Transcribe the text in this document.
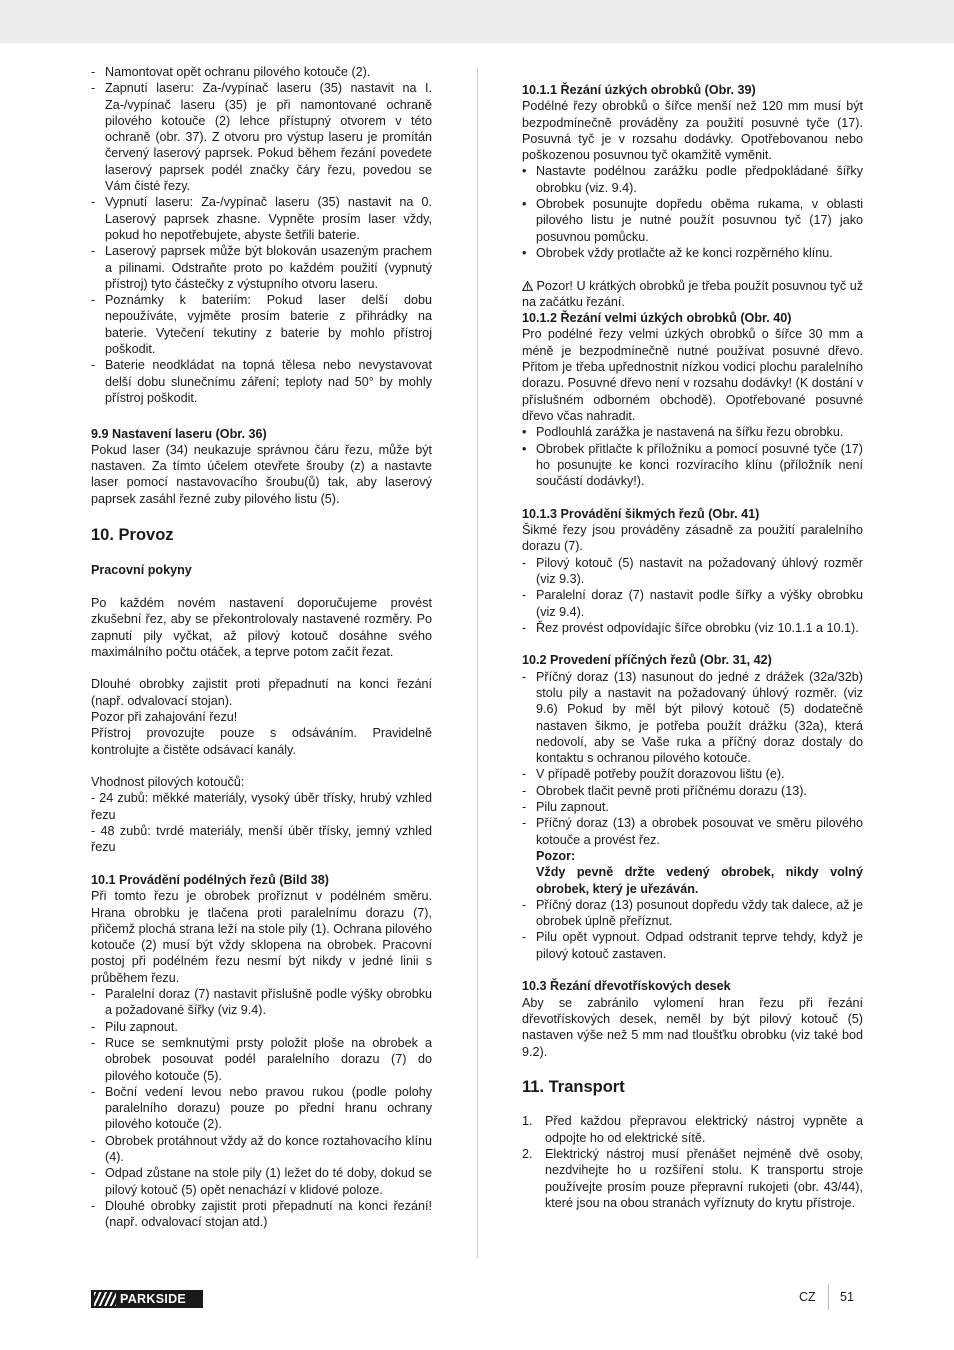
- Namontovat opět ochranu pilového kotouče (2).
- Zapnutí laseru: Za-/vypínač laseru (35) nastavit na I. Za-/vypínač laseru (35) je při namontované ochraně pilového kotouče (2) lehce přístupný otvorem v této ochraně (obr. 37). Z otvoru pro výstup laseru je promítán červený laserový paprsek. Pokud během řezání povedete laserový paprsek podél značky čáry řezu, povedou se Vám čisté řezy.
- Vypnutí laseru: Za-/vypínač laseru (35) nastavit na 0. Laserový paprsek zhasne. Vypněte prosím laser vždy, pokud ho nepotřebujete, abyste šetřili baterie.
- Laserový paprsek může být blokován usazeným prachem a pilinami. Odstraňte proto po každém použití (vypnutý přístroj) tyto částečky z výstupního otvoru laseru.
- Poznámky k bateriím: Pokud laser delší dobu nepoužíváte, vyjměte prosím baterie z přihrádky na baterie. Vytečení tekutiny z baterie by mohlo přístroj poškodit.
- Baterie neodkládat na topná tělesa nebo nevystavovat delší dobu slunečnímu záření; teploty nad 50° by mohly přístroj poškodit.
9.9 Nastavení laseru (Obr. 36)

Pokud laser (34) neukazuje správnou čáru řezu, může být nastaven. Za tímto účelem otevřete šrouby (z) a nastavte laser pomocí nastavovacího šroubu(ů) tak, aby laserový paprsek zasáhl řezné zuby pilového listu (5).

10. Provoz
Pracovní pokyny

Po každém novém nastavení doporučujeme provést zkušební řez, aby se překontrolovaly nastavené rozměry. Po zapnutí pily vyčkat, až pilový kotouč dosáhne svého maximálního počtu otáček, a teprve potom začít řezat.

Dlouhé obrobky zajistit proti přepadnutí na konci řezání (např. odvalovací stojan).

Pozor při zahajování řezu!

Přístroj provozujte pouze s odsáváním. Pravidelně kontrolujte a čistěte odsávací kanály.

Vhodnost pilových kotoučů:

- 24 zubů: měkké materiály, vysoký úběr třísky, hrubý vzhled řezu

- 48 zubů: tvrdé materiály, menší úběr třísky, jemný vzhled řezu

10.1 Provádění podélných řezů (Bild 38)

Při tomto řezu je obrobek proříznut v podélném směru. Hrana obrobku je tlačena proti paralelnímu dorazu (7), přičemž plochá strana leží na stole pily (1). Ochrana pilového kotouče (2) musí být vždy sklopena na obrobek. Pracovní postoj při podélném řezu nesmí být nikdy v jedné linii s průběhem řezu.

- Paralelní doraz (7) nastavit příslušně podle výšky obrobku a požadované šířky (viz 9.4).
- Pilu zapnout.
- Ruce se semknutými prsty položit ploše na obrobek a obrobek posouvat podél paralelního dorazu (7) do pilového kotouče (5).
- Boční vedení levou nebo pravou rukou (podle polohy paralelního dorazu) pouze po přední hranu ochrany pilového kotouče (2).
- Obrobek protáhnout vždy až do konce roztahovacího klínu (4).
- Odpad zůstane na stole pily (1) ležet do té doby, dokud se pilový kotouč (5) opět nenachází v klidové poloze.
- Dlouhé obrobky zajistit proti přepadnutí na konci řezání! (např. odvalovací stojan atd.)
10.1.1 Řezání úzkých obrobků (Obr. 39)

Podélné řezy obrobků o šířce menší než 120 mm musí být bezpodmínečně prováděny za použití posuvné tyče (17). Posuvná tyč je v rozsahu dodávky. Opotřebovanou nebo poškozenou posuvnou tyč okamžitě vyměnit.

• Nastavte podélnou zarážku podle předpokládané šířky obrobku (viz. 9.4).
• Obrobek posunujte dopředu oběma rukama, v oblasti pilového listu je nutné použít posuvnou tyč (17) jako posuvnou pomůcku.
• Obrobek vždy protlačte až ke konci rozpěrného klínu.

Pozor! U krátkých obrobků je třeba použít posuvnou tyč už na začátku řezání.

10.1.2 Řezání velmi úzkých obrobků (Obr. 40)

Pro podélné řezy velmi úzkých obrobků o šířce 30 mm a méně je bezpodmínečně nutné používat posuvné dřevo. Přitom je třeba upřednostnit nízkou vodicí plochu paralelního dorazu. Posuvné dřevo není v rozsahu dodávky! (K dostání v příslušném odborném obchodě). Opotřebované posuvné dřevo včas nahradit.

• Podlouhlá zarážka je nastavená na šířku řezu obrobku.
• Obrobek přitlačte k příložníku a pomocí posuvné tyče (17) ho posunujte ke konci rozvíracího klínu (příložník není součástí dodávky!).
10.1.3 Provádění šikmých řezů (Obr. 41)

Šikmé řezy jsou prováděny zásadně za použití paralelního dorazu (7).

- Pilový kotouč (5) nastavit na požadovaný úhlový rozměr (viz 9.3).
- Paralelní doraz (7) nastavit podle šířky a výšky obrobku (viz 9.4).
- Řez provést odpovídajíc šířce obrobku (viz 10.1.1 a 10.1).
10.2 Provedení příčných řezů (Obr. 31, 42)
- Příčný doraz (13) nasunout do jedné z drážek (32a/32b) stolu pily a nastavit na požadovaný úhlový rozměr. (viz 9.6) Pokud by měl být pilový kotouč (5) dodatečně nastaven šikmo, je potřeba použít drážku (32a), která nedovolí, aby se Vaše ruka a příčný doraz dostaly do kontaktu s ochranou pilového kotouče.
- V případě potřeby použít dorazovou lištu (e).
- Obrobek tlačit pevně proti příčnému dorazu (13).
- Pilu zapnout.
- Příčný doraz (13) a obrobek posouvat ve směru pilového kotouče a provést řez.

Pozor:

Vždy pevně držte vedený obrobek, nikdy volný obrobek, který je uřezáván.

- Příčný doraz (13) posunout dopředu vždy tak dalece, až je obrobek úplně přeříznut.
- Pilu opět vypnout. Odpad odstranit teprve tehdy, když je pilový kotouč zastaven.
10.3 Řezání dřevotřískových desek

Aby se zabránilo vylomení hran řezu při řezání dřevotřískových desek, neměl by být pilový kotouč (5) nastaven výše než 5 mm nad tloušťku obrobku (viz také bod 9.2).

11. Transport
1. Před každou přepravou elektrický nástroj vypněte a odpojte ho od elektrické sítě.
2. Elektrický nástroj musí přenášet nejméně dvě osoby, nezdvihejte ho u rozšíření stolu. K transportu stroje používejte prosím pouze přepravní rukojeti (obr. 43/44), které jsou na obou stranách vyříznuty do krytu přístroje.
PARKSIDE	CZ 51
